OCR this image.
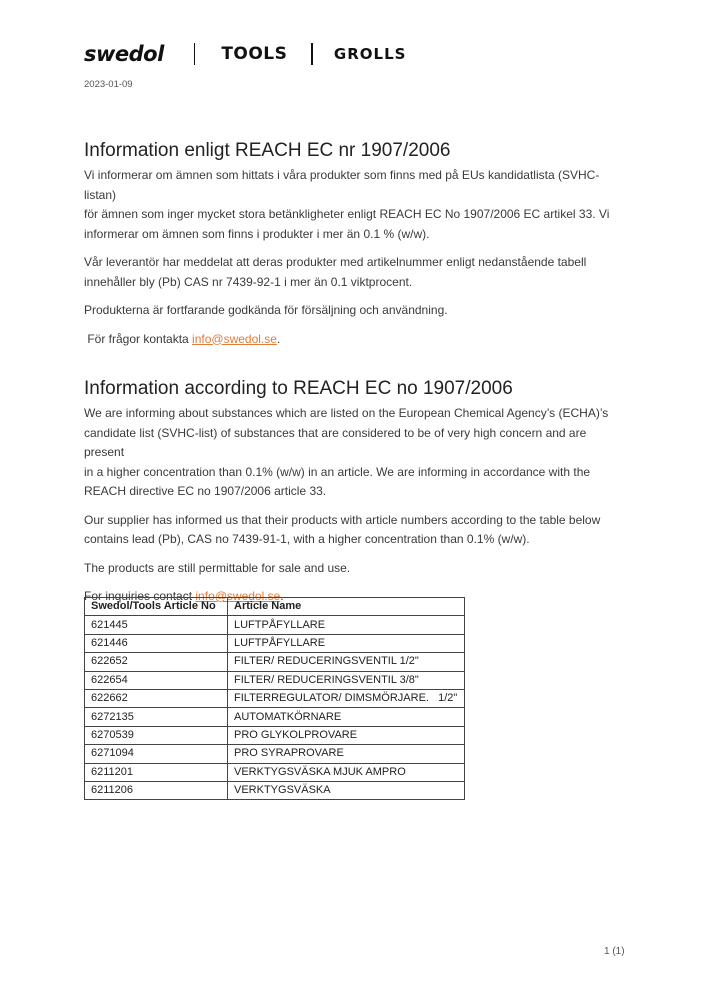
swedol	TOOLS	GROLLS
2023-01-09
Information enligt REACH EC nr 1907/2006

Vi informerar om ämnen som hittats i våra produkter som finns med på EUs kandidatlista (SVHC-listan)
för ämnen som inger mycket stora betänkligheter enligt REACH EC No 1907/2006 EC artikel 33. Vi
informerar om ämnen som finns i produkter i mer än 0.1 % (w/w).

Vår leverantör har meddelat att deras produkter med artikelnummer enligt nedanstående tabell
innehåller bly (Pb) CAS nr 7439-92-1 i mer än 0.1 viktprocent.

Produkterna är fortfarande godkända för försäljning och användning.

För frågor kontakta info@swedol.se.

Information according to REACH EC no 1907/2006

We are informing about substances which are listed on the European Chemical Agency’s (ECHA)’s
candidate list (SVHC-list) of substances that are considered to be of very high concern and are present
in a higher concentration than 0.1% (w/w) in an article. We are informing in accordance with the
REACH directive EC no 1907/2006 article 33.

Our supplier has informed us that their products with article numbers according to the table below
contains lead (Pb), CAS no 7439-91-1, with a higher concentration than 0.1% (w/w).

The products are still permittable for sale and use.

For inquiries contact info@swedol.se.

Swedol/Tools Article No	Article Name
621445	LUFTPÅFYLLARE
621446	LUFTPÅFYLLARE
622652	FILTER/ REDUCERINGSVENTIL 1/2"
622654	FILTER/ REDUCERINGSVENTIL 3/8"
622662	FILTERREGULATOR/ DIMSMÖRJARE.   1/2"
6272135	AUTOMATKÖRNARE
6270539	PRO GLYKOLPROVARE
6271094	PRO SYRAPROVARE
6211201	VERKTYGSVÄSKA MJUK AMPRO
6211206	VERKTYGSVÄSKA
1 (1)
